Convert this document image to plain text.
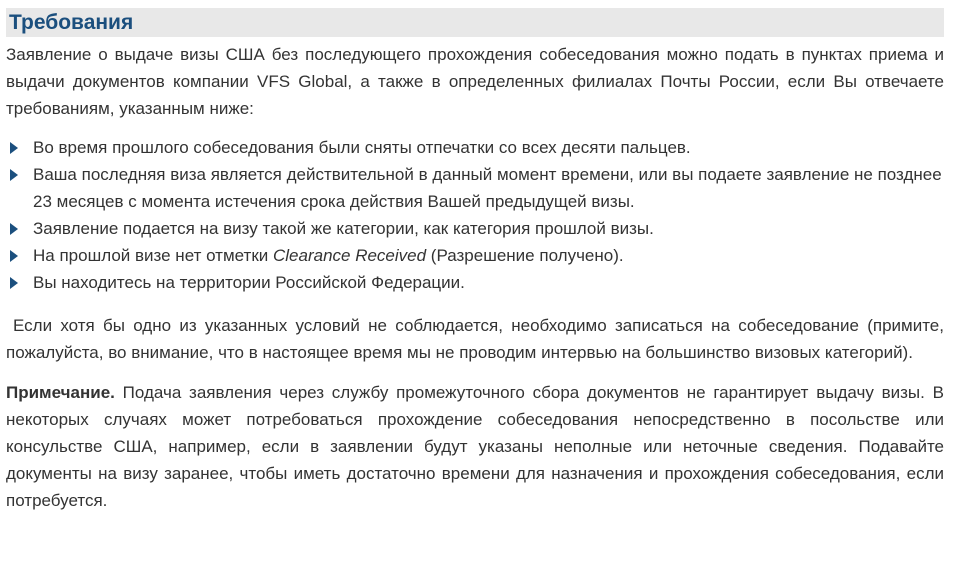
Требования

Заявление о выдаче визы США без последующего прохождения собеседования можно подать в пунктах приема и выдачи документов компании VFS Global, а также в определенных филиалах Почты России, если Вы отвечаете требованиям, указанным ниже:

Во время прошлого собеседования были сняты отпечатки со всех десяти пальцев.
Ваша последняя виза является действительной в данный момент времени, или вы подаете заявление не позднее 23 месяцев с момента истечения срока действия Вашей предыдущей визы.
Заявление подается на визу такой же категории, как категория прошлой визы.
На прошлой визе нет отметки Clearance Received (Разрешение получено).
Вы находитесь на территории Российской Федерации.

Если хотя бы одно из указанных условий не соблюдается, необходимо записаться на собеседование (примите, пожалуйста, во внимание, что в настоящее время мы не проводим интервью на большинство визовых категорий).

Примечание. Подача заявления через службу промежуточного сбора документов не гарантирует выдачу визы. В некоторых случаях может потребоваться прохождение собеседования непосредственно в посольстве или консульстве США, например, если в заявлении будут указаны неполные или неточные сведения. Подавайте документы на визу заранее, чтобы иметь достаточно времени для назначения и прохождения собеседования, если потребуется.
